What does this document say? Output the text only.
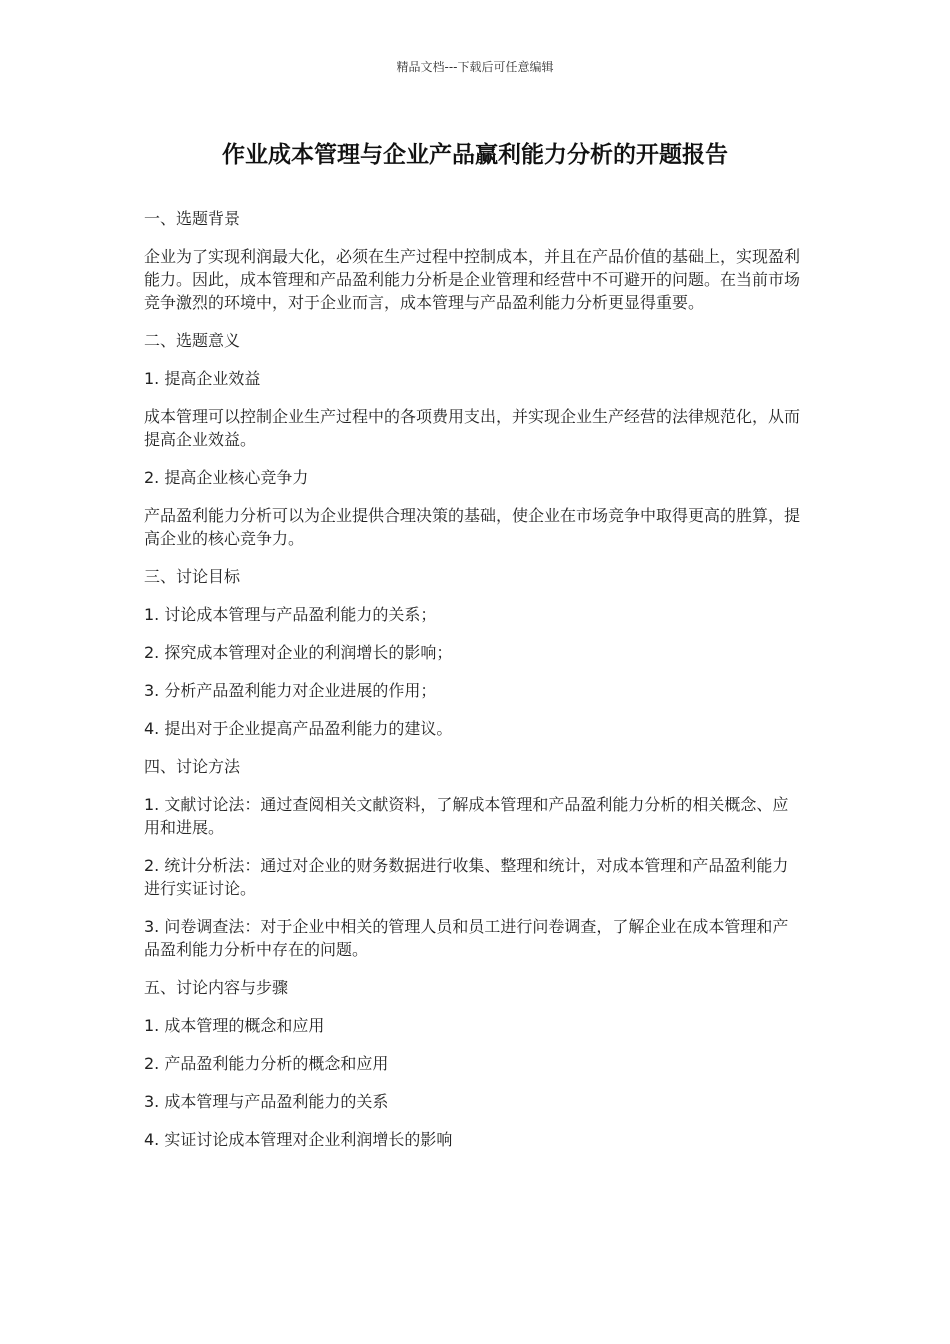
精品文档---下载后可任意编辑
作业成本管理与企业产品赢利能力分析的开题报告

一、选题背景

企业为了实现利润最大化，必须在生产过程中控制成本，并且在产品价值的基础上，实现盈利能力。因此，成本管理和产品盈利能力分析是企业管理和经营中不可避开的问题。在当前市场竞争激烈的环境中，对于企业而言，成本管理与产品盈利能力分析更显得重要。

二、选题意义

1. 提高企业效益

成本管理可以控制企业生产过程中的各项费用支出，并实现企业生产经营的法律规范化，从而提高企业效益。

2. 提高企业核心竞争力

产品盈利能力分析可以为企业提供合理决策的基础，使企业在市场竞争中取得更高的胜算，提高企业的核心竞争力。

三、讨论目标

1. 讨论成本管理与产品盈利能力的关系；

2. 探究成本管理对企业的利润增长的影响；

3. 分析产品盈利能力对企业进展的作用；

4. 提出对于企业提高产品盈利能力的建议。

四、讨论方法

1. 文献讨论法：通过查阅相关文献资料，了解成本管理和产品盈利能力分析的相关概念、应用和进展。

2. 统计分析法：通过对企业的财务数据进行收集、整理和统计，对成本管理和产品盈利能力进行实证讨论。

3. 问卷调查法：对于企业中相关的管理人员和员工进行问卷调查，了解企业在成本管理和产品盈利能力分析中存在的问题。

五、讨论内容与步骤

1. 成本管理的概念和应用

2. 产品盈利能力分析的概念和应用

3. 成本管理与产品盈利能力的关系

4. 实证讨论成本管理对企业利润增长的影响
